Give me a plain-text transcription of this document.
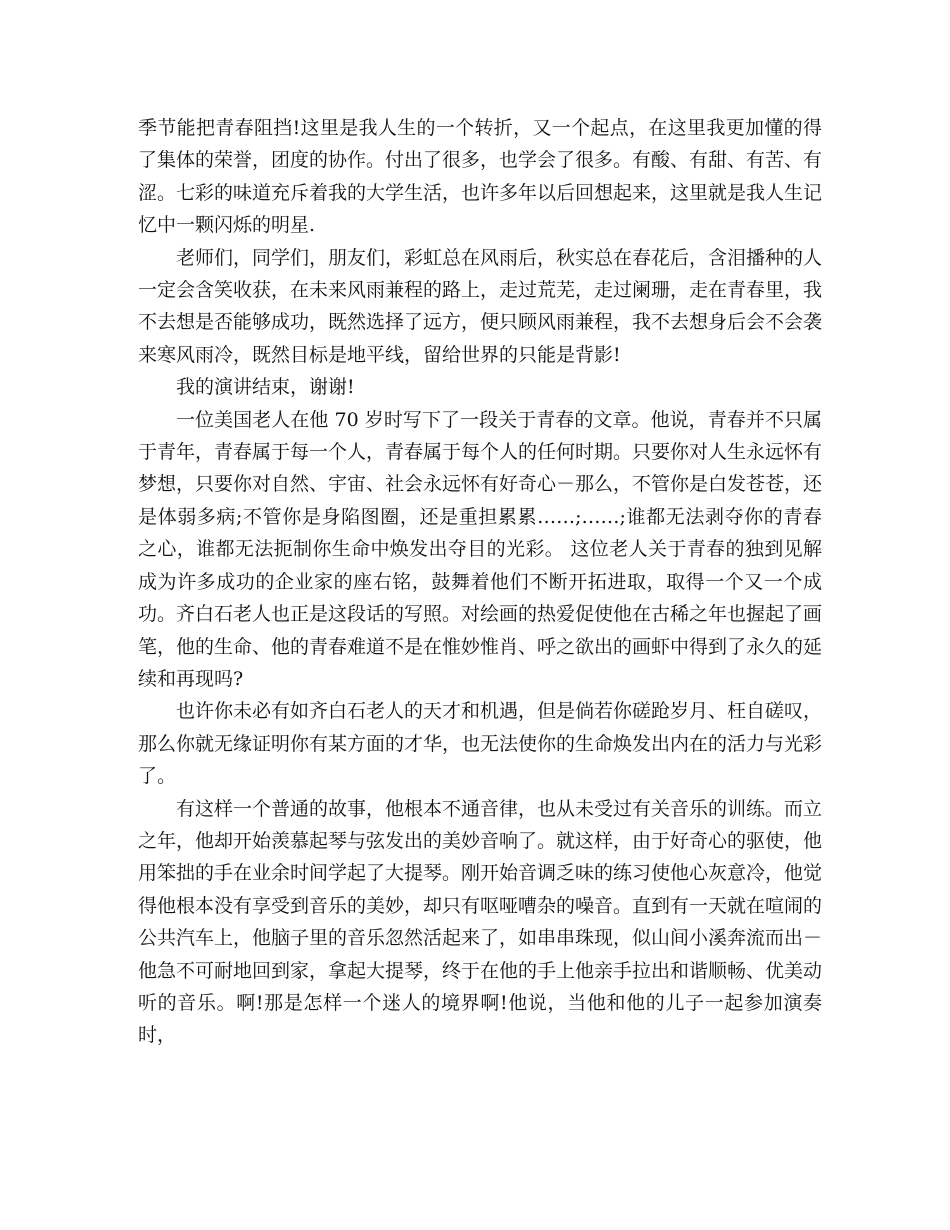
季节能把青春阻挡!这里是我人生的一个转折，又一个起点，在这里我更加懂的得了集体的荣誉，团度的协作。付出了很多，也学会了很多。有酸、有甜、有苦、有涩。七彩的味道充斥着我的大学生活，也许多年以后回想起来，这里就是我人生记忆中一颗闪烁的明星.

老师们，同学们，朋友们，彩虹总在风雨后，秋实总在春花后，含泪播种的人一定会含笑收获，在未来风雨兼程的路上，走过荒芜，走过阑珊，走在青春里，我不去想是否能够成功，既然选择了远方，便只顾风雨兼程，我不去想身后会不会袭来寒风雨冷，既然目标是地平线，留给世界的只能是背影!

我的演讲结束，谢谢!

一位美国老人在他 70 岁时写下了一段关于青春的文章。他说，青春并不只属于青年，青春属于每一个人，青春属于每个人的任何时期。只要你对人生永远怀有梦想，只要你对自然、宇宙、社会永远怀有好奇心－那么，不管你是白发苍苍，还是体弱多病;不管你是身陷图圈，还是重担累累……;……;谁都无法剥夺你的青春之心，谁都无法扼制你生命中焕发出夺目的光彩。 这位老人关于青春的独到见解成为许多成功的企业家的座右铭，鼓舞着他们不断开拓进取，取得一个又一个成功。齐白石老人也正是这段话的写照。对绘画的热爱促使他在古稀之年也握起了画笔，他的生命、他的青春难道不是在惟妙惟肖、呼之欲出的画虾中得到了永久的延续和再现吗?

也许你未必有如齐白石老人的天才和机遇，但是倘若你磋跄岁月、枉自磋叹，那么你就无缘证明你有某方面的才华，也无法使你的生命焕发出内在的活力与光彩了。

有这样一个普通的故事，他根本不通音律，也从未受过有关音乐的训练。而立之年，他却开始羡慕起琴与弦发出的美妙音响了。就这样，由于好奇心的驱使，他用笨拙的手在业余时间学起了大提琴。刚开始音调乏味的练习使他心灰意冷，他觉得他根本没有享受到音乐的美妙，却只有呕哑嘈杂的噪音。直到有一天就在喧闹的公共汽车上，他脑子里的音乐忽然活起来了，如串串珠现，似山间小溪奔流而出－他急不可耐地回到家，拿起大提琴，终于在他的手上他亲手拉出和谐顺畅、优美动听的音乐。啊!那是怎样一个迷人的境界啊!他说，当他和他的儿子一起参加演奏时，
